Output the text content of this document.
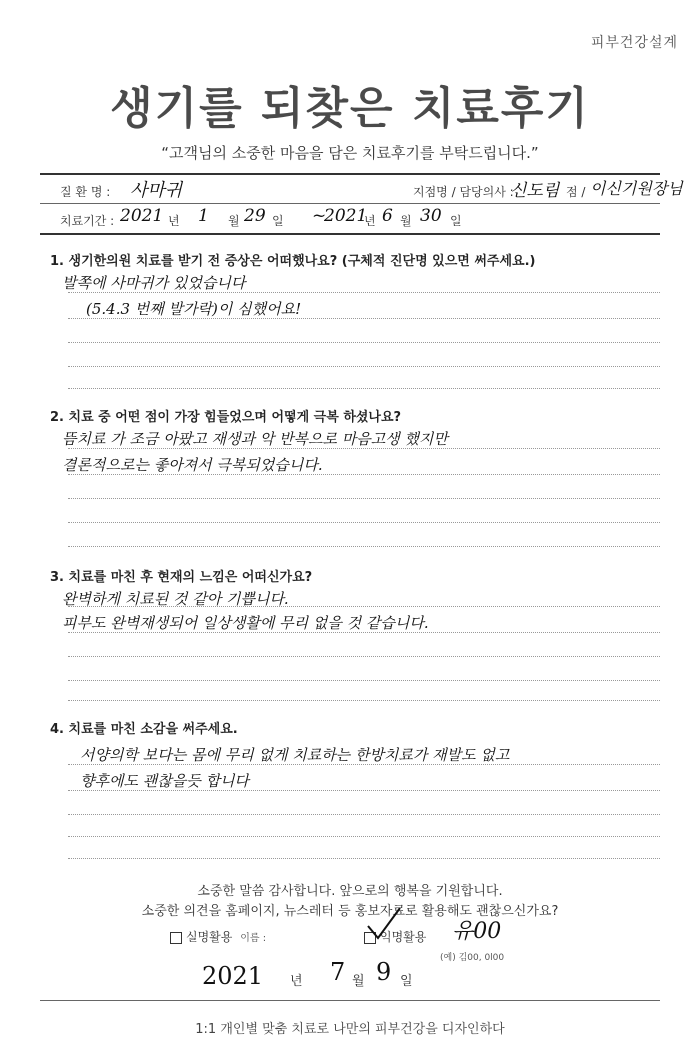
피부건강설계
생기를 되찾은 치료후기
“고객님의 소중한 마음을 담은 치료후기를 부탁드립니다.”
질 환 명 : 사마귀	지점명 / 담당의사 :
신도림 점 / 이신기원장님
치료기간 : 2021 년 1 월 29 일 ~
2021
년 6 월 30 일
1. 생기한의원 치료를 받기 전 증상은 어떠했나요? (구체적 진단명 있으면 써주세요.)
발쪽에 사마귀가 있었습니다
(5.4.3 번째 발가락)이 심했어요!
2. 치료 중 어떤 점이 가장 힘들었으며 어떻게 극복 하셨나요?
뜸치료 가 조금 아팠고 재생과 악 반복으로 마음고생 했지만
결론적으로는 좋아져서 극복되었습니다.
3. 치료를 마친 후 현재의 느낌은 어떠신가요?
완벽하게 치료된 것 같아 기쁩니다.
피부도 완벽재생되어 일상생활에 무리 없을 것 같습니다.
4. 치료를 마친 소감을 써주세요.
서양의학 보다는 몸에 무리 없게 치료하는 한방치료가 재발도 없고
향후에도 괜찮을듯 합니다
소중한 말씀 감사합니다. 앞으로의 행복을 기원합니다.
소중한 의견을 홈페이지, 뉴스레터 등 홍보자료로 활용해도 괜찮으신가요?
실명활용 이름 :	익명활용 유00
(예) 김00, 0l00
2021 년 7 월 9 일
1:1 개인별 맞춤 치료로 나만의 피부건강을 디자인하다
